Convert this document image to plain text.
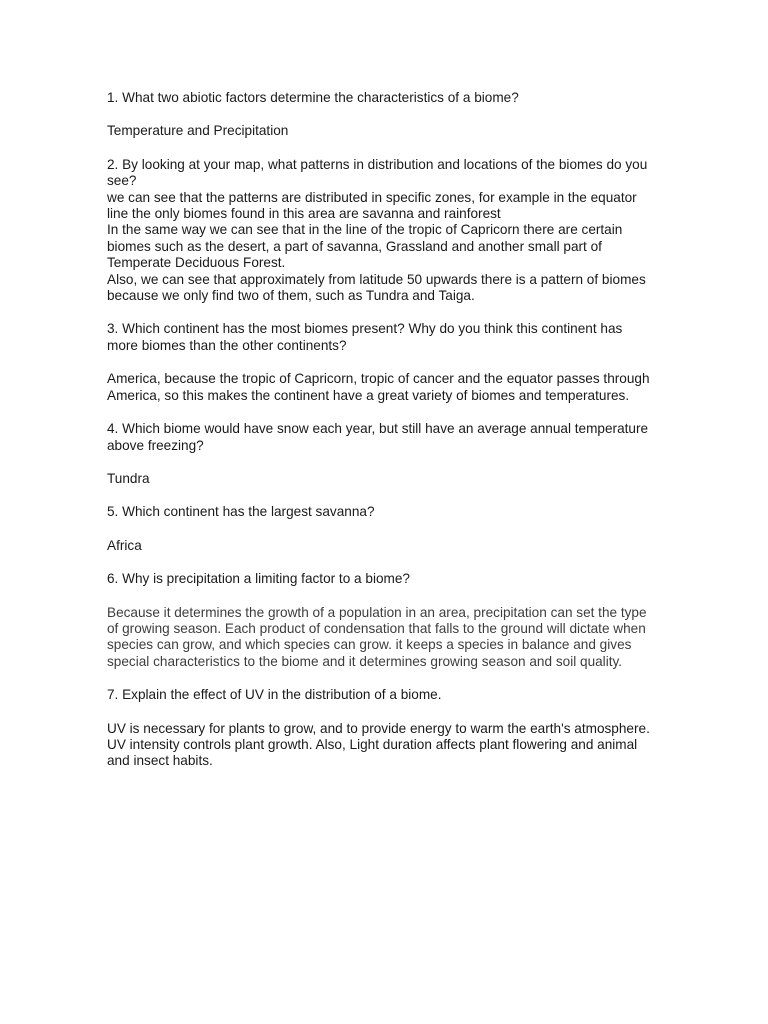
1. What two abiotic factors determine the characteristics of a biome?
Temperature and Precipitation
2. By looking at your map, what patterns in distribution and locations of the biomes do you
see?
we can see that the patterns are distributed in specific zones, for example in the equator
line the only biomes found in this area are savanna and rainforest
In the same way we can see that in the line of the tropic of Capricorn there are certain
biomes such as the desert, a part of savanna, Grassland and another small part of
Temperate Deciduous Forest.
Also, we can see that approximately from latitude 50 upwards there is a pattern of biomes
because we only find two of them, such as Tundra and Taiga.
3. Which continent has the most biomes present? Why do you think this continent has
more biomes than the other continents?
America, because the tropic of Capricorn, tropic of cancer and the equator passes through
America, so this makes the continent have a great variety of biomes and temperatures.
4. Which biome would have snow each year, but still have an average annual temperature
above freezing?
Tundra
5. Which continent has the largest savanna?
Africa
6. Why is precipitation a limiting factor to a biome?
Because it determines the growth of a population in an area, precipitation can set the type
of growing season. Each product of condensation that falls to the ground will dictate when
species can grow, and which species can grow. it keeps a species in balance and gives
special characteristics to the biome and it determines growing season and soil quality.
7. Explain the effect of UV in the distribution of a biome.
UV is necessary for plants to grow, and to provide energy to warm the earth's atmosphere.
UV intensity controls plant growth. Also, Light duration affects plant flowering and animal
and insect habits.
